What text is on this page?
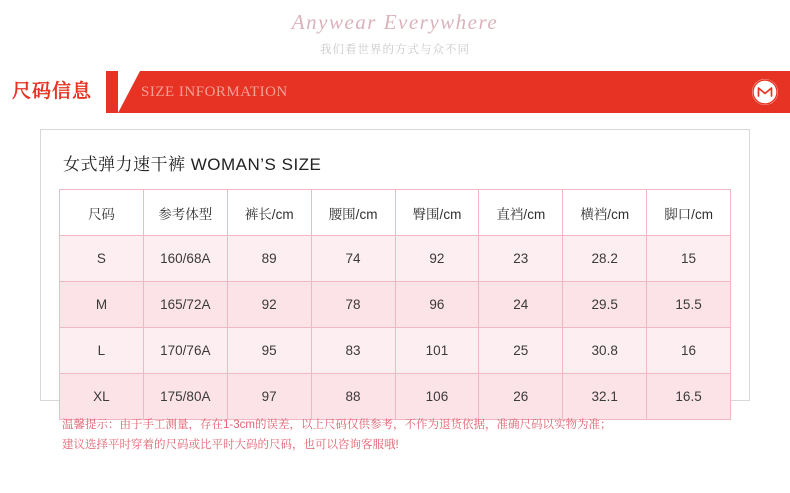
Anywear Everywhere
我们看世界的方式与众不同
尺码信息	SIZE INFORMATION
女式弹力速干裤 WOMAN’S SIZE
尺码	参考体型	裤长/cm	腰围/cm	臀围/cm	直裆/cm	横裆/cm	脚口/cm
S	160/68A	89	74	92	23	28.2	15
M	165/72A	92	78	96	24	29.5	15.5
L	170/76A	95	83	101	25	30.8	16
XL	175/80A	97	88	106	26	32.1	16.5
温馨提示：由于手工测量，存在1-3cm的误差，以上尺码仅供参考，不作为退货依据，准确尺码以实物为准；
建议选择平时穿着的尺码或比平时大码的尺码，也可以咨询客服哦!
